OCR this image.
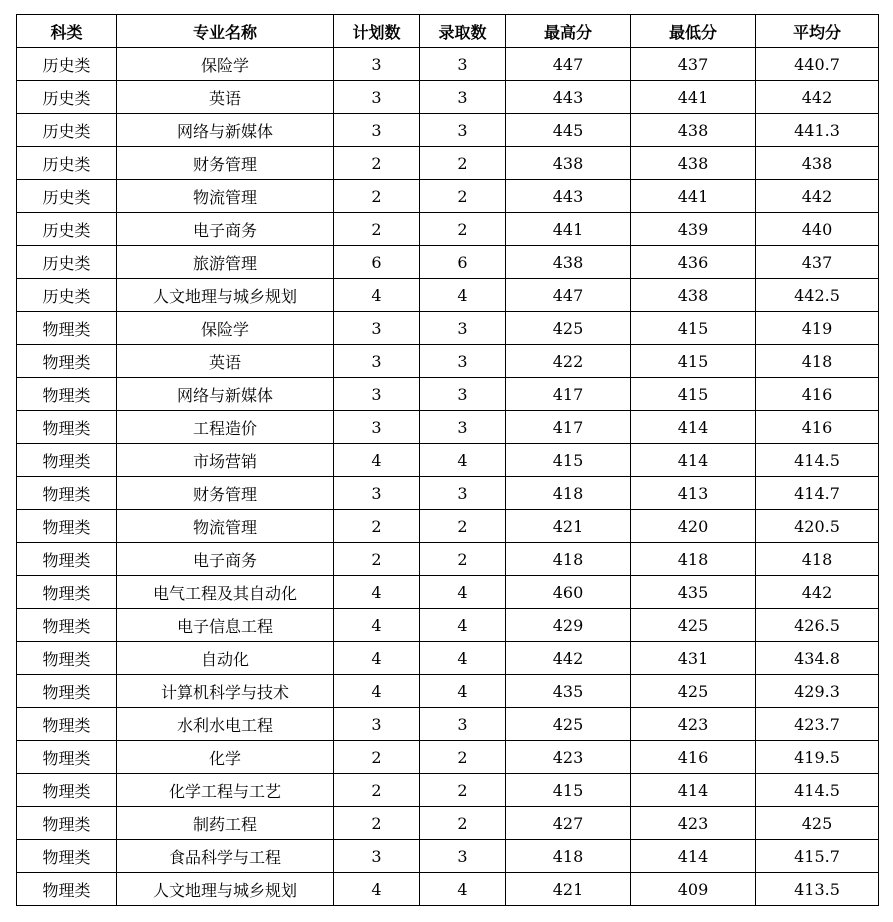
科类	专业名称	计划数	录取数	最高分	最低分	平均分
历史类	保险学	3	3	447	437	440.7
历史类	英语	3	3	443	441	442
历史类	网络与新媒体	3	3	445	438	441.3
历史类	财务管理	2	2	438	438	438
历史类	物流管理	2	2	443	441	442
历史类	电子商务	2	2	441	439	440
历史类	旅游管理	6	6	438	436	437
历史类	人文地理与城乡规划	4	4	447	438	442.5
物理类	保险学	3	3	425	415	419
物理类	英语	3	3	422	415	418
物理类	网络与新媒体	3	3	417	415	416
物理类	工程造价	3	3	417	414	416
物理类	市场营销	4	4	415	414	414.5
物理类	财务管理	3	3	418	413	414.7
物理类	物流管理	2	2	421	420	420.5
物理类	电子商务	2	2	418	418	418
物理类	电气工程及其自动化	4	4	460	435	442
物理类	电子信息工程	4	4	429	425	426.5
物理类	自动化	4	4	442	431	434.8
物理类	计算机科学与技术	4	4	435	425	429.3
物理类	水利水电工程	3	3	425	423	423.7
物理类	化学	2	2	423	416	419.5
物理类	化学工程与工艺	2	2	415	414	414.5
物理类	制药工程	2	2	427	423	425
物理类	食品科学与工程	3	3	418	414	415.7
物理类	人文地理与城乡规划	4	4	421	409	413.5
